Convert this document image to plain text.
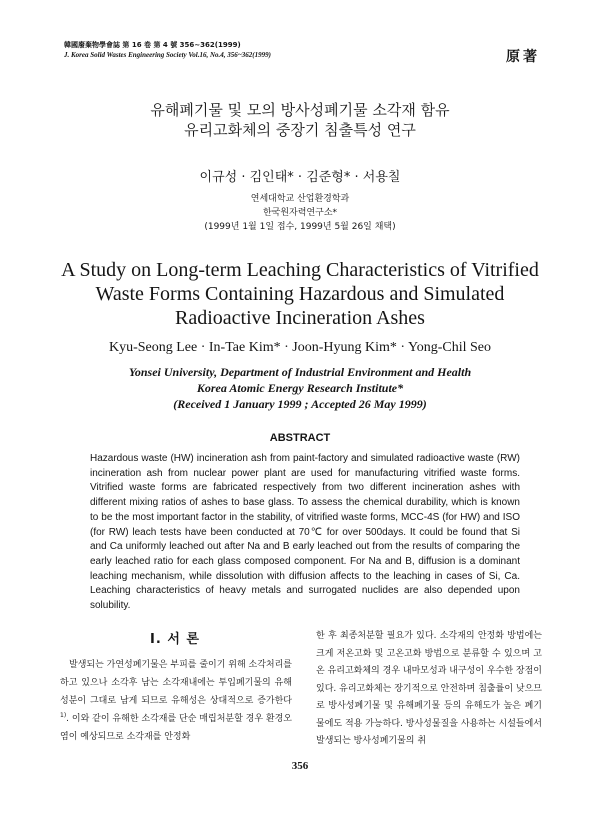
韓國廢棄物學會誌 第 16 卷 第 4 號 356~362(1999)
J. Korea Solid Wastes Engineering Society Vol.16, No.4, 356~362(1999)	原著
유해폐기물 및 모의 방사성폐기물 소각재 함유
유리고화체의 중장기 침출특성 연구
이규성 · 김인태* · 김준형* · 서용칠
연세대학교 산업환경학과
한국원자력연구소*
(1999년 1월 1일 접수, 1999년 5월 26일 채택)
A Study on Long-term Leaching Characteristics of Vitrified
Waste Forms Containing Hazardous and Simulated
Radioactive Incineration Ashes
Kyu-Seong Lee · In-Tae Kim* · Joon-Hyung Kim* · Yong-Chil Seo
Yonsei University, Department of Industrial Environment and Health
Korea Atomic Energy Research Institute*
(Received 1 January 1999 ; Accepted 26 May 1999)
ABSTRACT
Hazardous waste (HW) incineration ash from paint-factory and simulated radioactive waste (RW) incineration ash from nuclear power plant are used for manufacturing vitrified waste forms. Vitrified waste forms are fabricated respectively from two different incineration ashes with different mixing ratios of ashes to base glass. To assess the chemical durability, which is known to be the most important factor in the stability, of vitrified waste forms, MCC-4S (for HW) and ISO (for RW) leach tests have been conducted at 70℃ for over 500days. It could be found that Si and Ca uniformly leached out after Na and B early leached out from the results of comparing the early leached ratio for each glass composed component. For Na and B, diffusion is a dominant leaching mechanism, while dissolution with diffusion affects to the leaching in cases of Si, Ca. Leaching characteristics of heavy metals and surrogated nuclides are also depended upon solubility.
I. 서 론
발생되는 가연성폐기물은 부피를 줄이기 위해 소각처리를 하고 있으나 소각후 남는 소각재내에는 투입폐기물의 유해성분이 그대로 남게 되므로 유해성은 상대적으로 증가한다$^{1)}$. 이와 같이 유해한 소각재를 단순 매립처분할 경우 환경오염이 예상되므로 소각재를 안정화
한 후 최종처분할 필요가 있다. 소각재의 안정화 방법에는 크게 저온고화 및 고온고화 방법으로 분류할 수 있으며 고온 유리고화체의 경우 내마모성과 내구성이 우수한 장점이 있다. 유리고화체는 장기적으로 안전하며 침출률이 낮으므로 방사성폐기물 및 유해폐기물 등의 유해도가 높은 폐기물에도 적용 가능하다. 방사성물질을 사용하는 시설들에서 발생되는 방사성폐기물의 취
356
